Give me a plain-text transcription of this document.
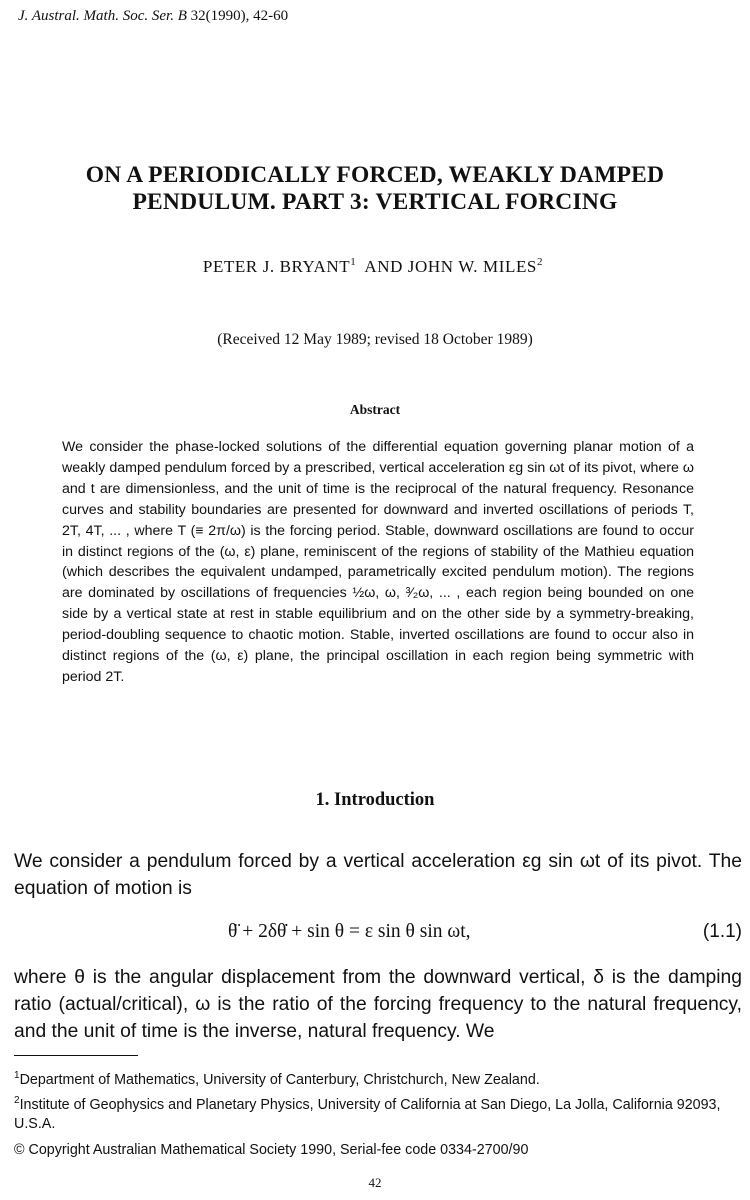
J. Austral. Math. Soc. Ser. B 32(1990), 42-60
ON A PERIODICALLY FORCED, WEAKLY DAMPED
PENDULUM. PART 3: VERTICAL FORCING
PETER J. BRYANT$^1$ AND JOHN W. MILES$^2$
(Received 12 May 1989; revised 18 October 1989)
Abstract

We consider the phase-locked solutions of the differential equation governing planar motion of a weakly damped pendulum forced by a prescribed, vertical acceleration εg sin ωt of its pivot, where ω and t are dimensionless, and the unit of time is the reciprocal of the natural frequency. Resonance curves and stability boundaries are presented for downward and inverted oscillations of periods T, 2T, 4T, ... , where T (≡ 2π/ω) is the forcing period. Stable, downward oscillations are found to occur in distinct regions of the (ω, ε) plane, reminiscent of the regions of stability of the Mathieu equation (which describes the equivalent undamped, parametrically excited pendulum motion). The regions are dominated by oscillations of frequencies ½ω, ω, ³⁄₂ω, ... , each region being bounded on one side by a vertical state at rest in stable equilibrium and on the other side by a symmetry-breaking, period-doubling sequence to chaotic motion. Stable, inverted oscillations are found to occur also in distinct regions of the (ω, ε) plane, the principal oscillation in each region being symmetric with period 2T.

1. Introduction

We consider a pendulum forced by a vertical acceleration εg sin ωt of its pivot. The equation of motion is

θ̈ + 2δθ̇ + sin θ = ε sin θ sin ωt,	(1.1)

where θ is the angular displacement from the downward vertical, δ is the damping ratio (actual/critical), ω is the ratio of the forcing frequency to the natural frequency, and the unit of time is the inverse, natural frequency. We

$^1$Department of Mathematics, University of Canterbury, Christchurch, New Zealand.

$^2$Institute of Geophysics and Planetary Physics, University of California at San Diego, La Jolla, California 92093, U.S.A.

© Copyright Australian Mathematical Society 1990, Serial-fee code 0334-2700/90

42
